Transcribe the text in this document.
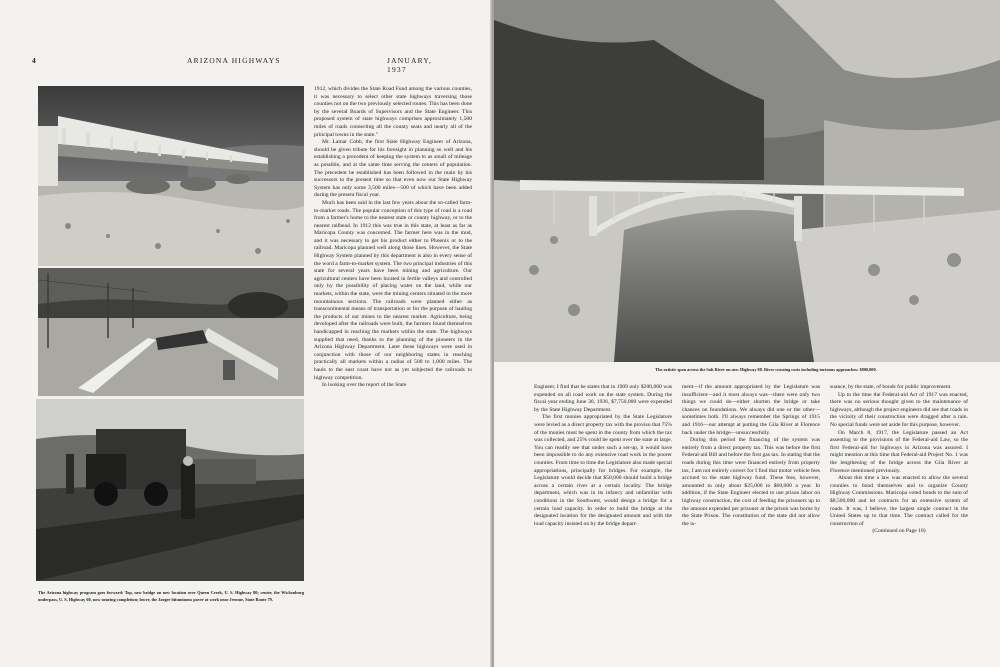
4	ARIZONA HIGHWAYS	JANUARY, 1937
The Arizona highway program goes forward: Top, new bridge on new location over Queen Creek, U. S. Highway 80; center, the Wickenburg underpass, U. S. Highway 60, now nearing completion; lower, the Jaeger bituminous paver at work near Jerome, State Route 79.

1912, which divides the State Road Fund among the various counties, it was necessary to select other state highways traversing those counties not on the two previously selected routes. This has been done by the several Boards of Supervisors and the State Engineer. This proposed system of state highways comprises approximately 1,500 miles of roads connecting all the county seats and nearly all of the principal towns in the state."

Mr. Lamar Cobb, the first State Highway Engineer of Arizona, should be given tribute for his foresight in planning so well and his establishing a precedent of keeping the system to as small of mileage as possible, and at the same time serving the centers of population. The precedent he established has been followed in the main by his successors to the present time so that even now our State Highway System has only some 3,500 miles—500 of which have been added during the present fiscal year.

Much has been said in the last few years about the so-called farm-to-market roads. The popular conception of this type of road is a road from a farmer's home to the nearest state or county highway, or to the nearest railhead. In 1912 this was true in this state, at least as far as Maricopa County was concerned. The farmer here was in the mud, and it was necessary to get his product either to Phoenix or to the railroad. Maricopa planned well along those lines. However, the State Highway System planned by this department is also in every sense of the word a farm-to-market system. The two principal industries of this state for several years have been mining and agriculture. Our agricultural centers have been located in fertile valleys and controlled only by the possibility of placing water on the land, while our markets, within the state, were the mining centers situated in the more mountainous sections. The railroads were planned either as transcontinental means of transportation or for the purpose of hauling the products of our mines to the nearest market. Agriculture, being developed after the railroads were built, the farmers found themselves handicapped in reaching the markets within the state. The highways supplied that need, thanks to the planning of the pioneers in the Arizona Highway Department. Later these highways were used in conjunction with those of our neighboring states in reaching practically all markets within a radius of 500 to 1,000 miles. The hauls to the east coast have not as yet subjected the railroads to highway competition.

In looking over the report of the State

The artistic span across the Salt River on new Highway 88. River crossing costs including tortuous approaches: $800,000.

Engineer, I find that he states that in 1909 only $200,000 was expended on all road work on the state system. During the fiscal year ending June 30, 1936, $7,750,000 were expended by the State Highway Department.

The first monies appropriated by the State Legislature were levied as a direct property tax with the proviso that 75% of the monies must be spent in the county from which the tax was collected, and 25% could be spent over the state at large. You can readily see that under such a set-up, it would have been impossible to do any extensive road work in the poorer counties. From time to time the Legislature also made special appropriations, principally for bridges. For example, the Legislature would decide that $50,000 should build a bridge across a certain river at a certain locality. The bridge department, which was in its infancy and unfamiliar with conditions in the Southwest, would design a bridge for a certain load capacity. In order to build the bridge at the designated location for the designated amount and with the load capacity insisted on by the bridge depart-

ment—if the amount appropriated by the Legislature was insufficient—and it most always was—there were only two things we could do—either shorten the bridge or take chances on foundations. We always did one or the other—sometimes both. I'll always remember the Springs of 1915 and 1916—our attempt at putting the Gila River at Florence back under the bridge—unsuccessfully.

During this period the financing of the system was entirely from a direct property tax. This was before the first Federal-aid Bill and before the first gas tax. In stating that the roads during this time were financed entirely from property tax, I am not entirely correct for I find that motor vehicle fees accrued to the state highway fund. These fees, however, amounted to only about $25,000 to $60,000 a year. In addition, if the State Engineer elected to use prison labor on highway construction, the cost of feeding the prisoners up to the amount expended per prisoner at the prison was borne by the State Prison. The constitution of the state did not allow the is-

suance, by the state, of bonds for public improvement.

Up to the time the Federal-aid Act of 1917 was enacted, there was no serious thought given to the maintenance of highways, although the project engineers did see that roads in the vicinity of their construction were dragged after a rain. No special funds were set aside for this purpose, however.

On March 8, 1917, the Legislature passed an Act assenting to the provisions of the Federal-aid Law, so the first Federal-aid for highways in Arizona was assured. I might mention at this time that Federal-aid Project No. 1 was the lengthening of the bridge across the Gila River at Florence mentioned previously.

About this time a law was enacted to allow the several counties to bond themselves and to organize County Highway Commissions. Maricopa voted bonds to the sum of $8,500,000 and let contracts for an extensive system of roads. It was, I believe, the largest single contract in the United States up to that time. The contract called for the construction of

(Continued on Page 18)
